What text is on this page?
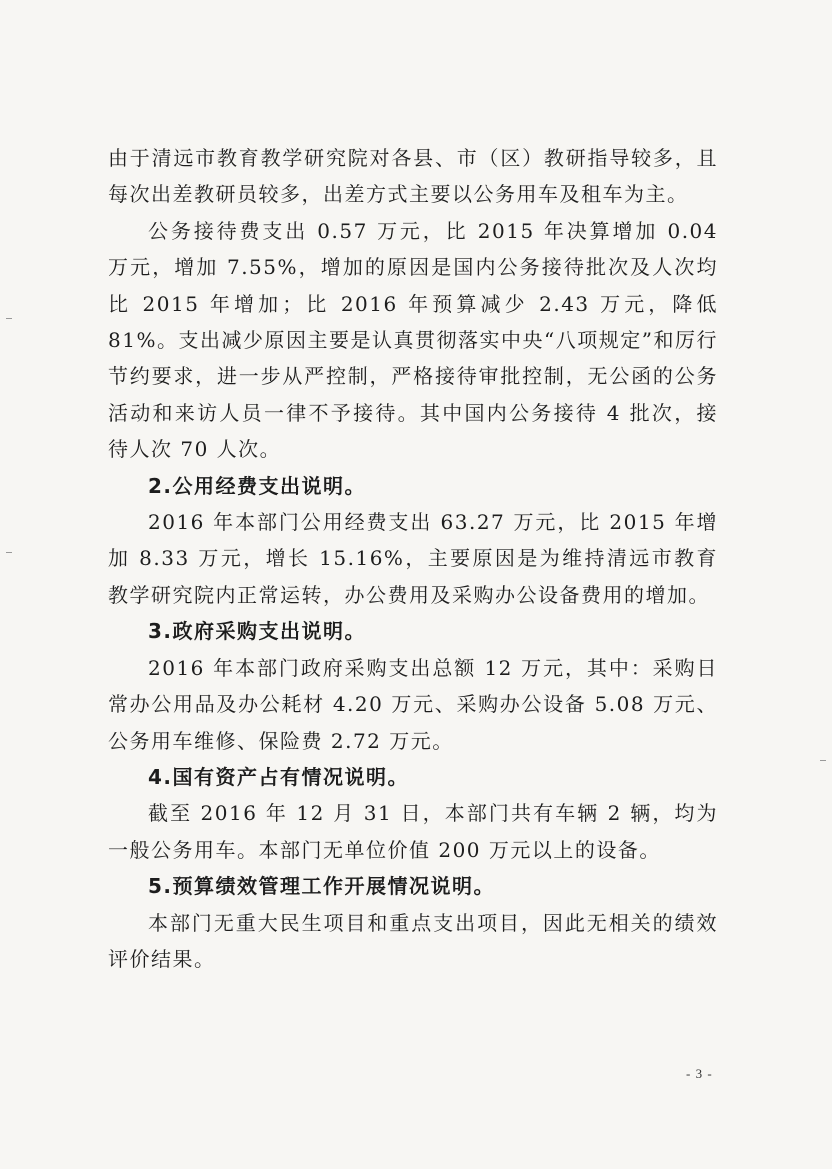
由于清远市教育教学研究院对各县、市（区）教研指导较多，且每次出差教研员较多，出差方式主要以公务用车及租车为主。

公务接待费支出 0.57 万元，比 2015 年决算增加 0.04 万元，增加 7.55%，增加的原因是国内公务接待批次及人次均比 2015 年增加；比 2016 年预算减少 2.43 万元，降低 81%。支出减少原因主要是认真贯彻落实中央“八项规定”和厉行节约要求，进一步从严控制，严格接待审批控制，无公函的公务活动和来访人员一律不予接待。其中国内公务接待 4 批次，接待人次 70 人次。

2.公用经费支出说明。

2016 年本部门公用经费支出 63.27 万元，比 2015 年增加 8.33 万元，增长 15.16%，主要原因是为维持清远市教育教学研究院内正常运转，办公费用及采购办公设备费用的增加。

3.政府采购支出说明。

2016 年本部门政府采购支出总额 12 万元，其中：采购日常办公用品及办公耗材 4.20 万元、采购办公设备 5.08 万元、公务用车维修、保险费 2.72 万元。

4.国有资产占有情况说明。

截至 2016 年 12 月 31 日，本部门共有车辆 2 辆，均为一般公务用车。本部门无单位价值 200 万元以上的设备。

5.预算绩效管理工作开展情况说明。

本部门无重大民生项目和重点支出项目，因此无相关的绩效评价结果。

- 3 -
